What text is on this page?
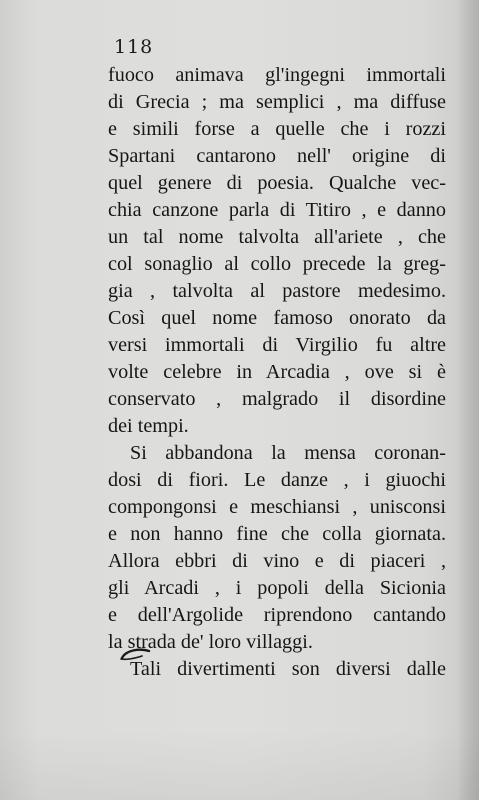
118
fuoco animava gl'ingegni immortali
di Grecia ; ma semplici , ma diffuse
e simili forse a quelle che i rozzi
Spartani cantarono nell' origine di
quel genere di poesia. Qualche vec-
chia canzone parla di Titiro , e danno
un tal nome talvolta all'ariete , che
col sonaglio al collo precede la greg-
gia , talvolta al pastore medesimo.
Così quel nome famoso onorato da
versi immortali di Virgilio fu altre
volte celebre in Arcadia , ove si è
conservato , malgrado il disordine
dei tempi.
Si abbandona la mensa coronan-
dosi di fiori. Le danze , i giuochi
compongonsi e meschiansi , unisconsi
e non hanno fine che colla giornata.
Allora ebbri di vino e di piaceri ,
gli Arcadi , i popoli della Sicionia
e dell'Argolide riprendono cantando
la strada de' loro villaggi.
Tali divertimenti son diversi dalle
